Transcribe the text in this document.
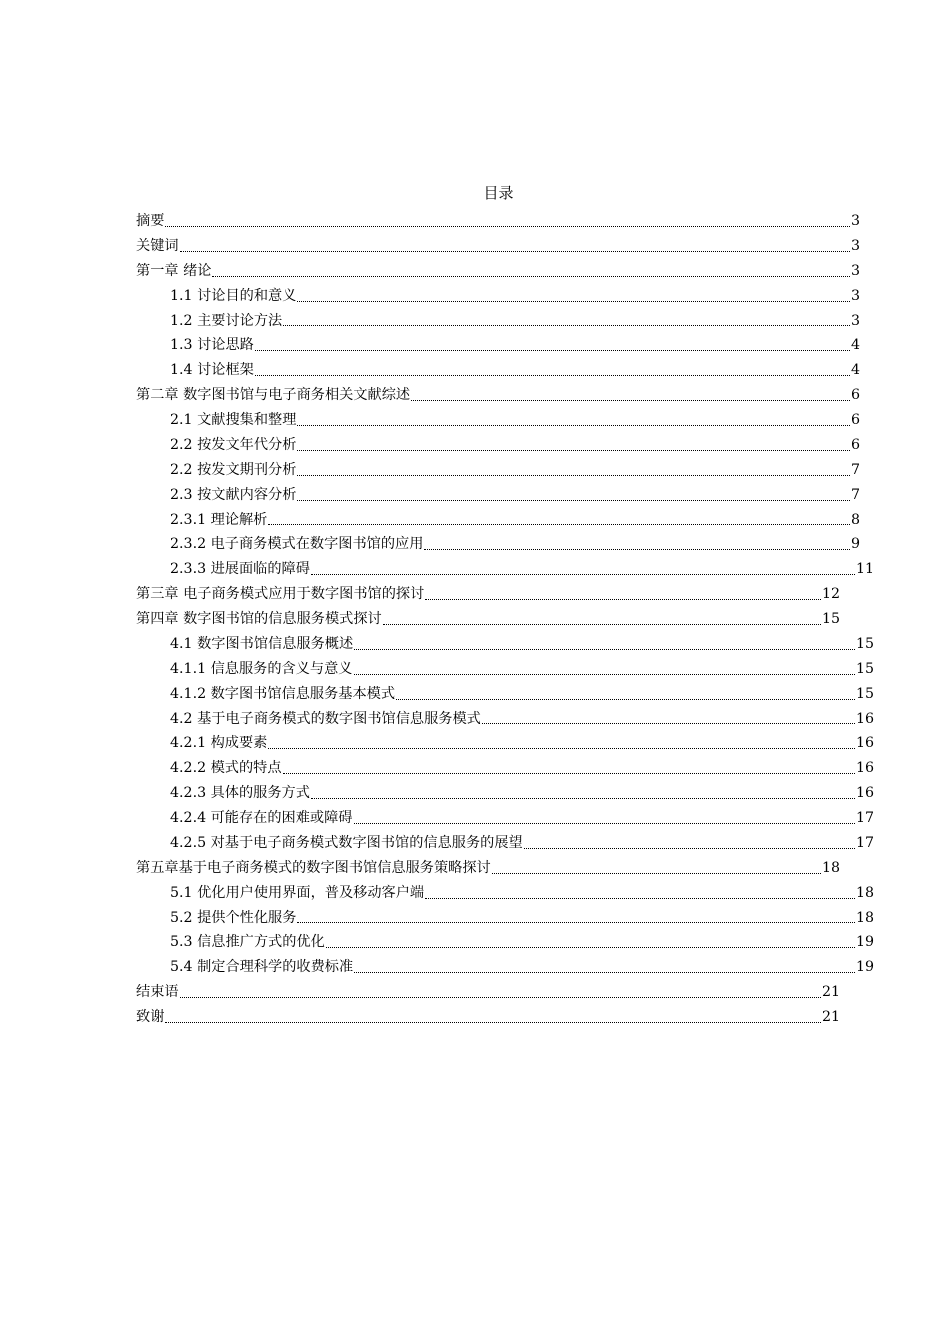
目录
摘要	3
关键词	3
第一章 绪论	3
1.1 讨论目的和意义	3
1.2 主要讨论方法	3
1.3 讨论思路	4
1.4 讨论框架	4
第二章 数字图书馆与电子商务相关文献综述	6
2.1 文献搜集和整理	6
2.2 按发文年代分析	6
2.2 按发文期刊分析	7
2.3 按文献内容分析	7
2.3.1 理论解析	8
2.3.2 电子商务模式在数字图书馆的应用	9
2.3.3 进展面临的障碍	11
第三章 电子商务模式应用于数字图书馆的探讨	12
第四章 数字图书馆的信息服务模式探讨	15
4.1 数字图书馆信息服务概述	15
4.1.1 信息服务的含义与意义	15
4.1.2 数字图书馆信息服务基本模式	15
4.2 基于电子商务模式的数字图书馆信息服务模式	16
4.2.1 构成要素	16
4.2.2 模式的特点	16
4.2.3 具体的服务方式	16
4.2.4 可能存在的困难或障碍	17
4.2.5 对基于电子商务模式数字图书馆的信息服务的展望	17
第五章基于电子商务模式的数字图书馆信息服务策略探讨	18
5.1 优化用户使用界面，普及移动客户端	18
5.2 提供个性化服务	18
5.3 信息推广方式的优化	19
5.4 制定合理科学的收费标准	19
结束语	21
致谢	21
